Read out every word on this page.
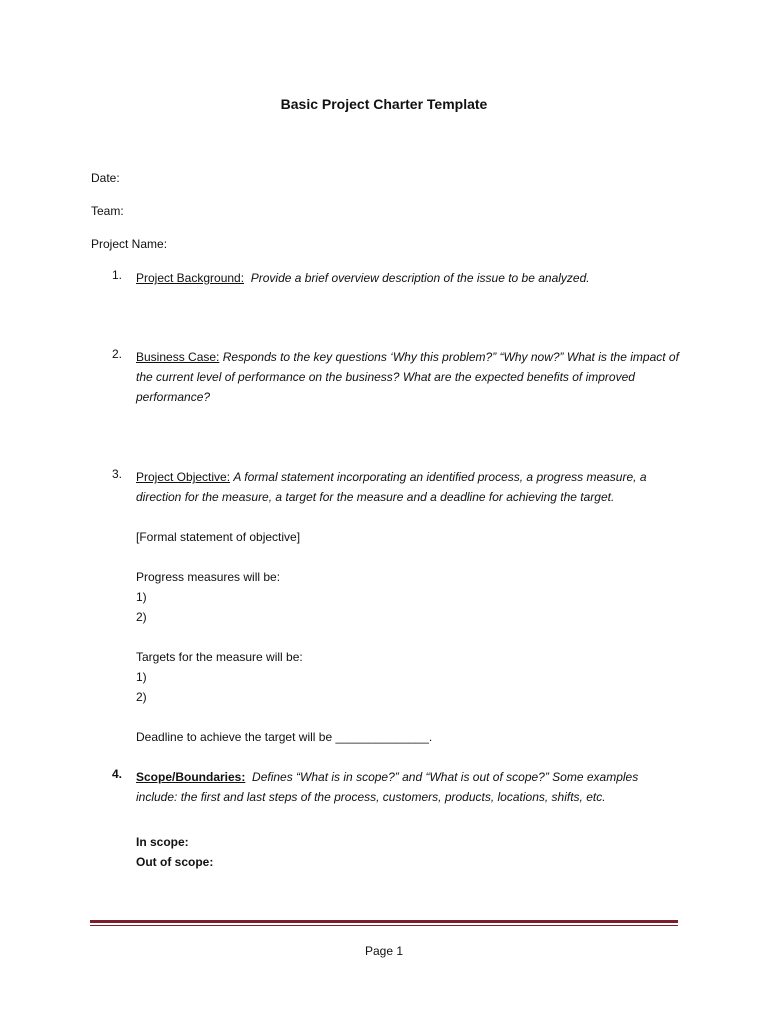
Basic Project Charter Template
Date:
Team:
Project Name:
1. Project Background: Provide a brief overview description of the issue to be analyzed.
2. Business Case: Responds to the key questions ‘Why this problem?” “Why now?” What is the impact of the current level of performance on the business? What are the expected benefits of improved performance?
3. Project Objective: A formal statement incorporating an identified process, a progress measure, a direction for the measure, a target for the measure and a deadline for achieving the target.
[Formal statement of objective]
Progress measures will be:
1)
2)
Targets for the measure will be:
1)
2)
Deadline to achieve the target will be ______________.
4. Scope/Boundaries: Defines “What is in scope?” and “What is out of scope?” Some examples include: the first and last steps of the process, customers, products, locations, shifts, etc.
In scope:
Out of scope:
Page 1
